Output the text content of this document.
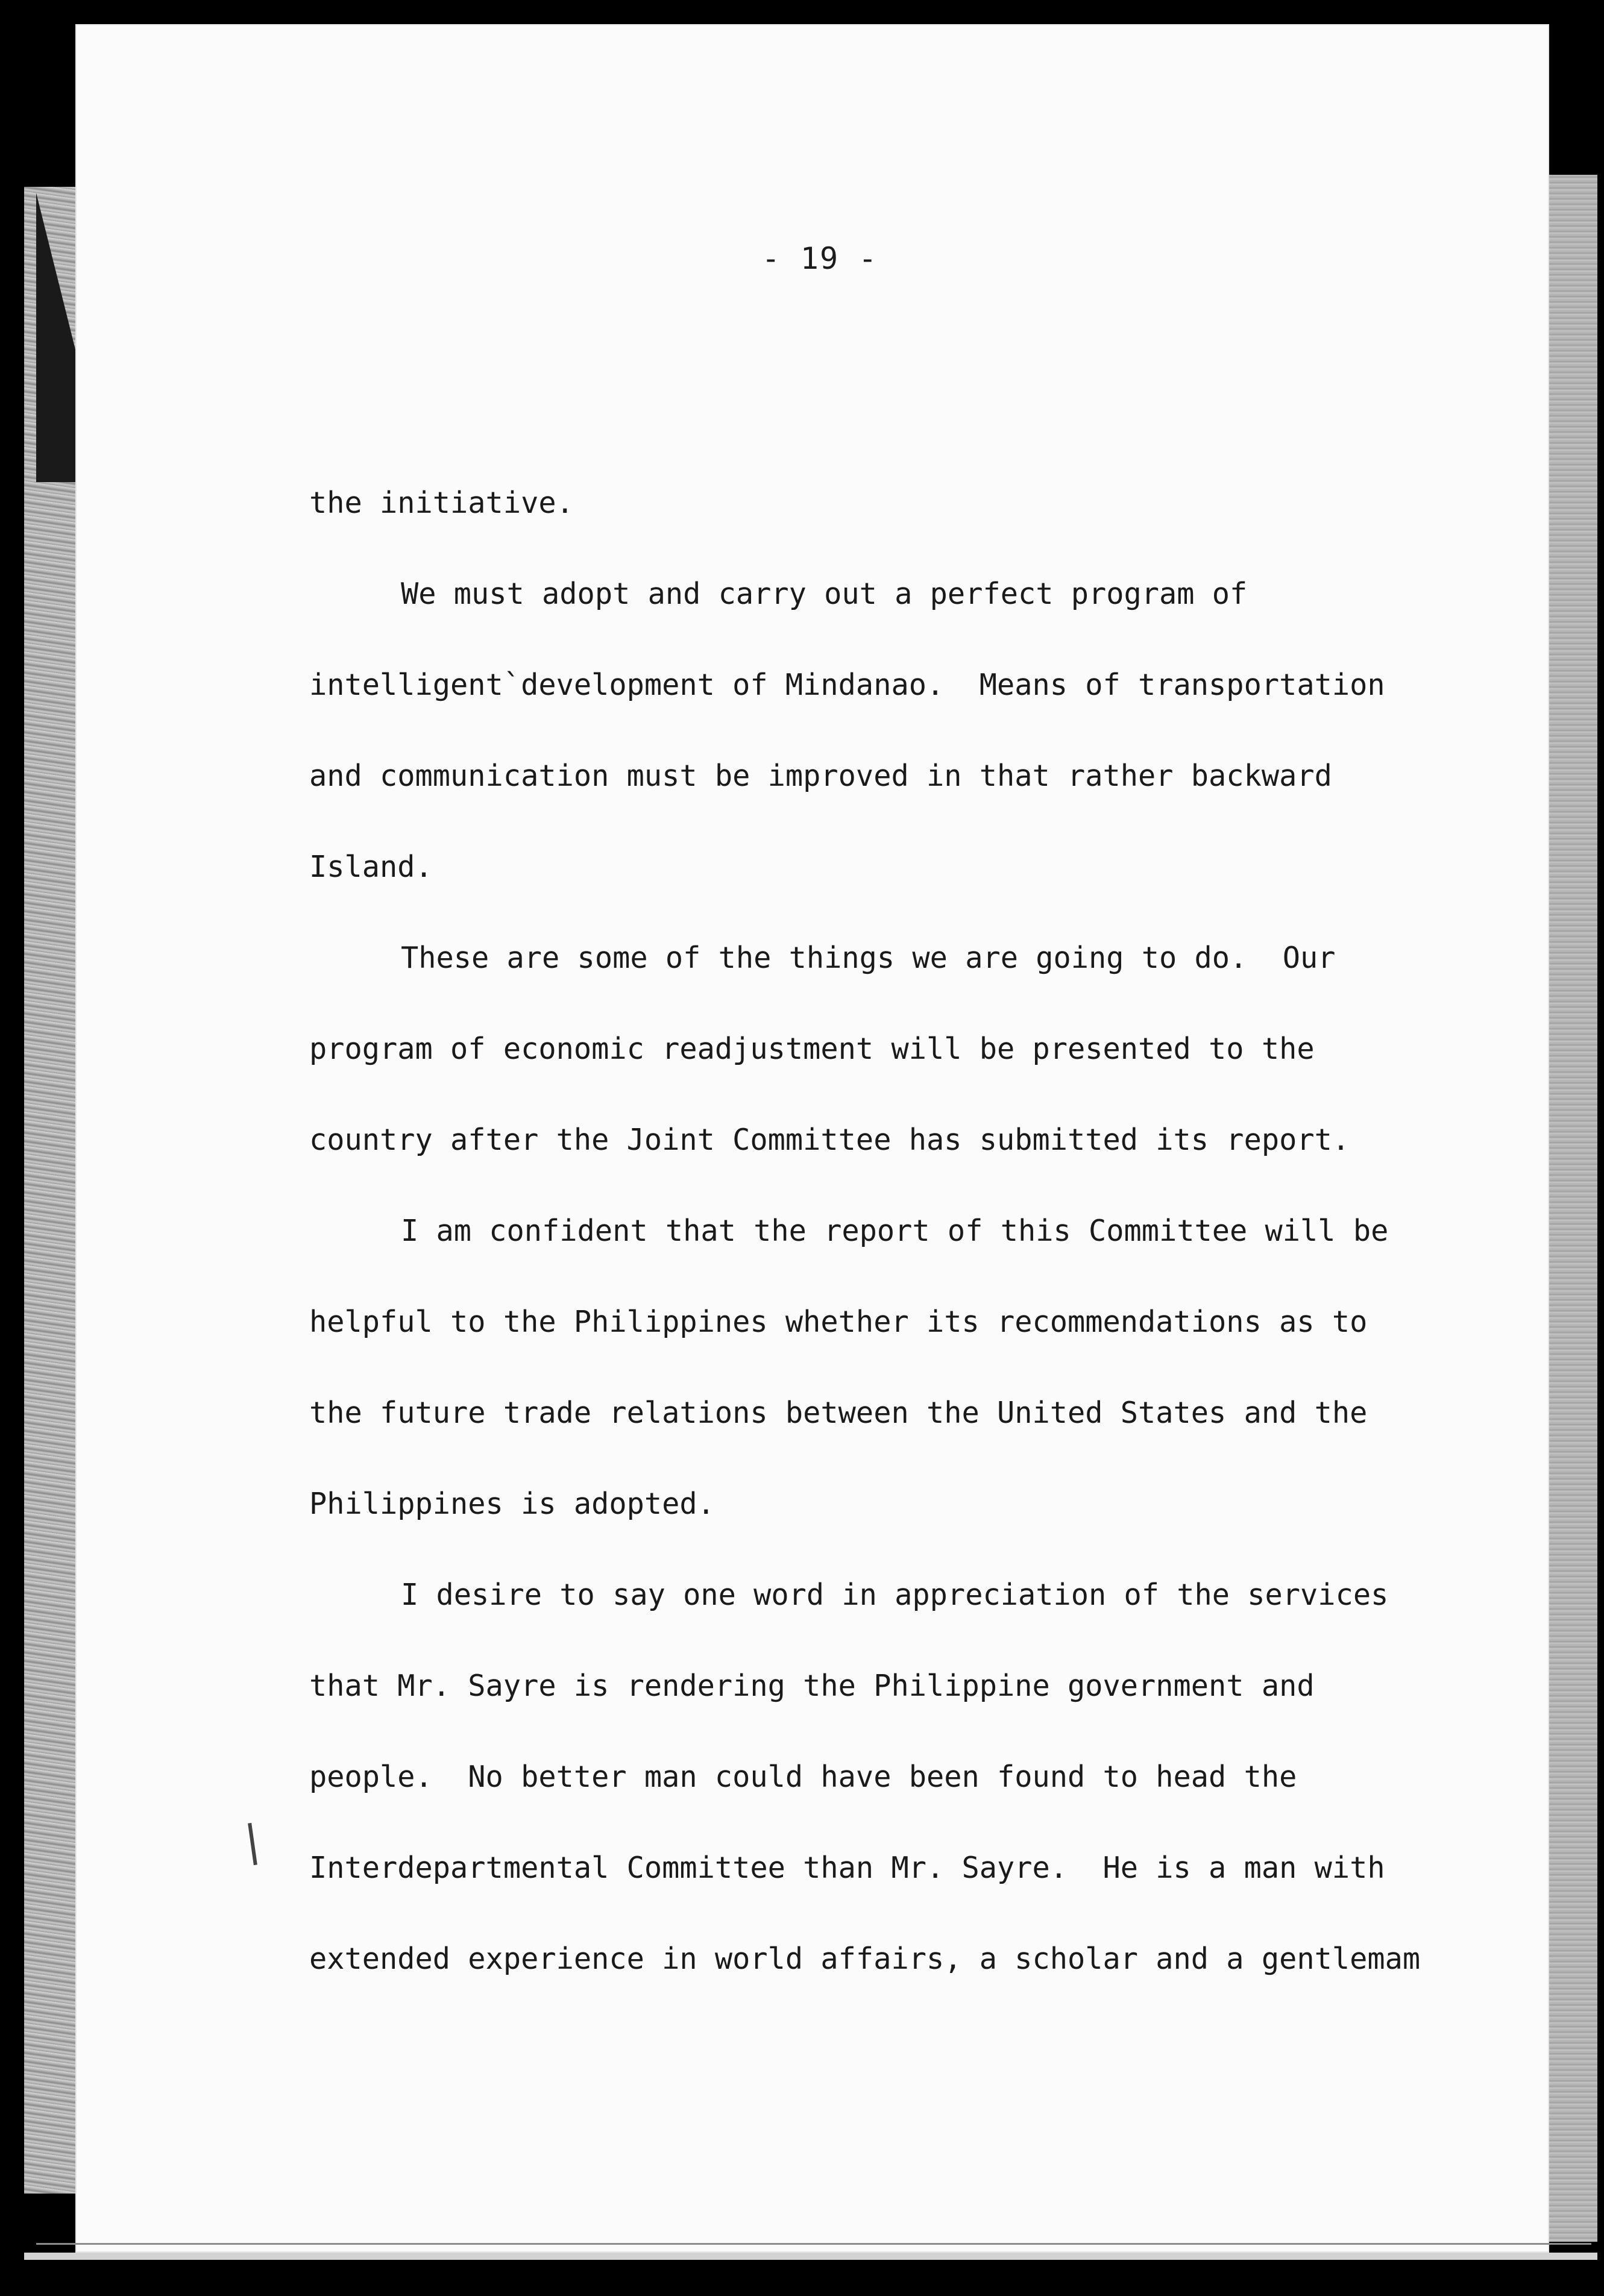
- 19 -
the initiative.
We must adopt and carry out a perfect program of
intelligent`development of Mindanao.  Means of transportation
and communication must be improved in that rather backward
Island.
These are some of the things we are going to do.  Our
program of economic readjustment will be presented to the
country after the Joint Committee has submitted its report.
I am confident that the report of this Committee will be
helpful to the Philippines whether its recommendations as to
the future trade relations between the United States and the
Philippines is adopted.
I desire to say one word in appreciation of the services
that Mr. Sayre is rendering the Philippine government and
people.  No better man could have been found to head the
Interdepartmental Committee than Mr. Sayre.  He is a man with
extended experience in world affairs, a scholar and a gentlemam
